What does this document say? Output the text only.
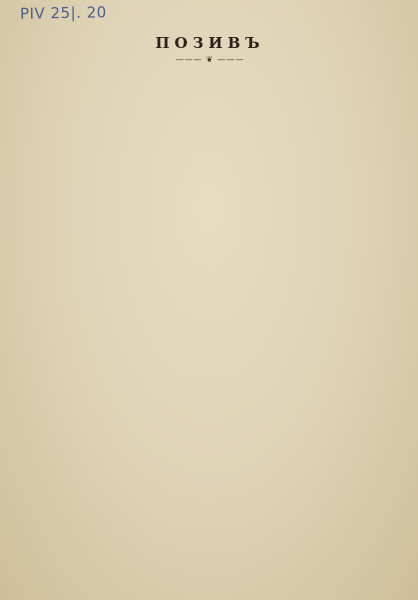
PIV 25|. 20
ПОЗИВЪ
——— ❦ ———
